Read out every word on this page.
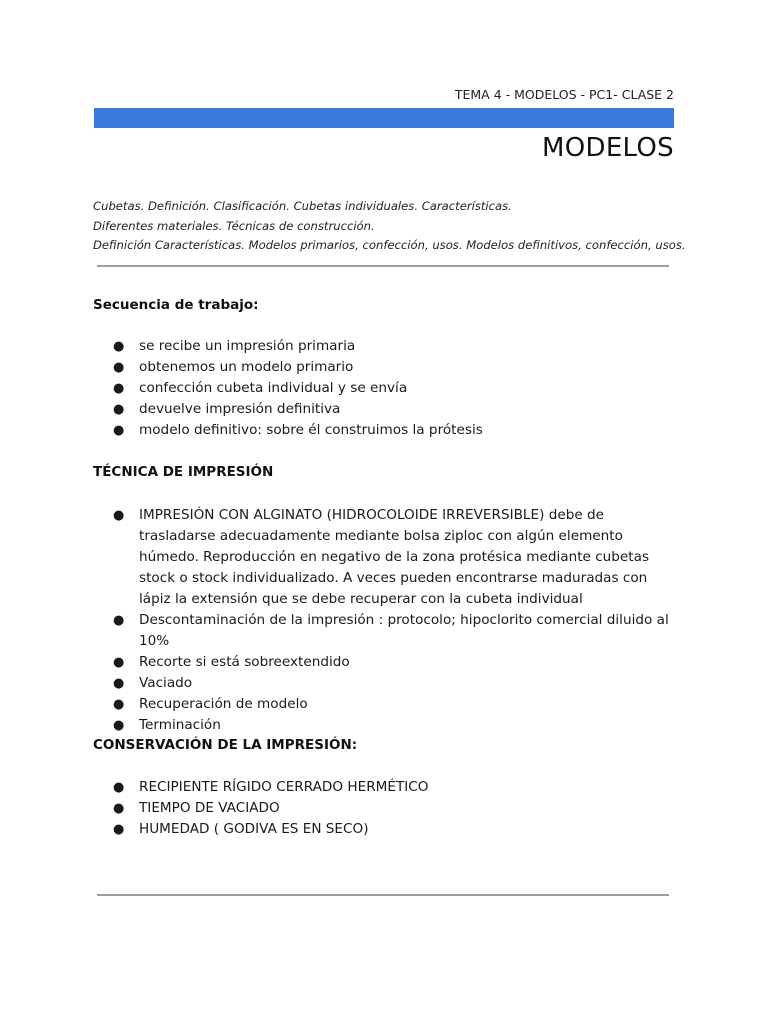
TEMA 4 - MODELOS - PC1- CLASE 2
MODELOS
Cubetas. Definición. Clasificación. Cubetas individuales. Características.
Diferentes materiales. Técnicas de construcción.
Definición Características. Modelos primarios, confección, usos. Modelos definitivos, confección, usos.
Secuencia de trabajo:
● se recibe un impresión primaria
● obtenemos un modelo primario
● confección cubeta individual y se envía
● devuelve impresión definitiva
● modelo definitivo: sobre él construimos la prótesis
TÉCNICA DE IMPRESIÓN
● IMPRESIÓN CON ALGINATO (HIDROCOLOIDE IRREVERSIBLE) debe de trasladarse adecuadamente mediante bolsa ziploc con algún elemento húmedo. Reproducción en negativo de la zona protésica mediante cubetas stock o stock individualizado. A veces pueden encontrarse maduradas con lápiz la extensión que se debe recuperar con la cubeta individual
● Descontaminación de la impresión : protocolo; hipoclorito comercial diluido al 10%
● Recorte si está sobreextendido
● Vaciado
● Recuperación de modelo
● Terminación
CONSERVACIÓN DE LA IMPRESIÓN:
● RECIPIENTE RÍGIDO CERRADO HERMÉTICO
● TIEMPO DE VACIADO
● HUMEDAD ( GODIVA ES EN SECO)
